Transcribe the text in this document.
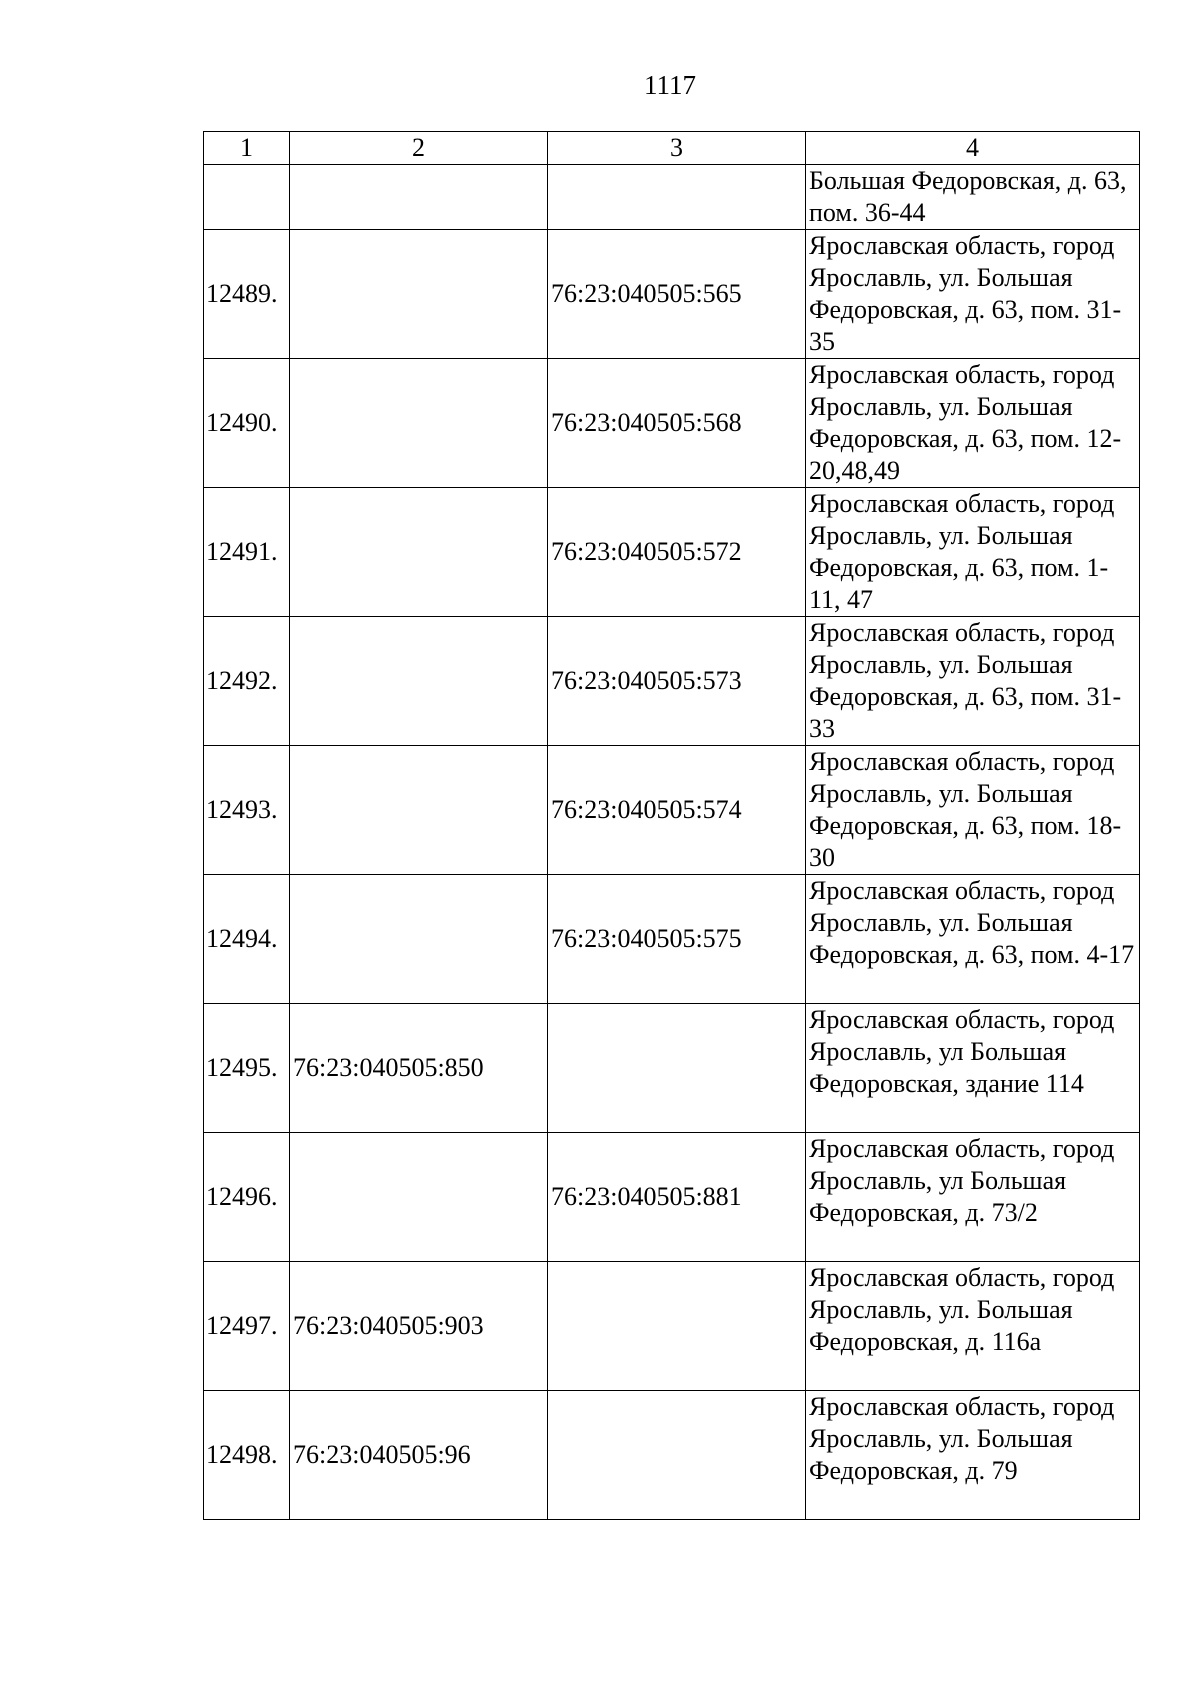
1117
1	2	3	4
			Большая Федоровская, д. 63, пом. 36-44
12489.		76:23:040505:565	Ярославская область, город Ярославль, ул. Большая Федоровская, д. 63, пом. 31-35
12490.		76:23:040505:568	Ярославская область, город Ярославль, ул. Большая Федоровская, д. 63, пом. 12-20,48,49
12491.		76:23:040505:572	Ярославская область, город Ярославль, ул. Большая Федоровская, д. 63, пом. 1-11, 47
12492.		76:23:040505:573	Ярославская область, город Ярославль, ул. Большая Федоровская, д. 63, пом. 31-33
12493.		76:23:040505:574	Ярославская область, город Ярославль, ул. Большая Федоровская, д. 63, пом. 18-30
12494.		76:23:040505:575	Ярославская область, город Ярославль, ул. Большая Федоровская, д. 63, пом. 4-17
12495.	76:23:040505:850		Ярославская область, город Ярославль, ул Большая Федоровская, здание 114
12496.		76:23:040505:881	Ярославская область, город Ярославль, ул Большая Федоровская, д. 73/2
12497.	76:23:040505:903		Ярославская область, город Ярославль, ул. Большая Федоровская, д. 116а
12498.	76:23:040505:96		Ярославская область, город Ярославль, ул. Большая Федоровская, д. 79
